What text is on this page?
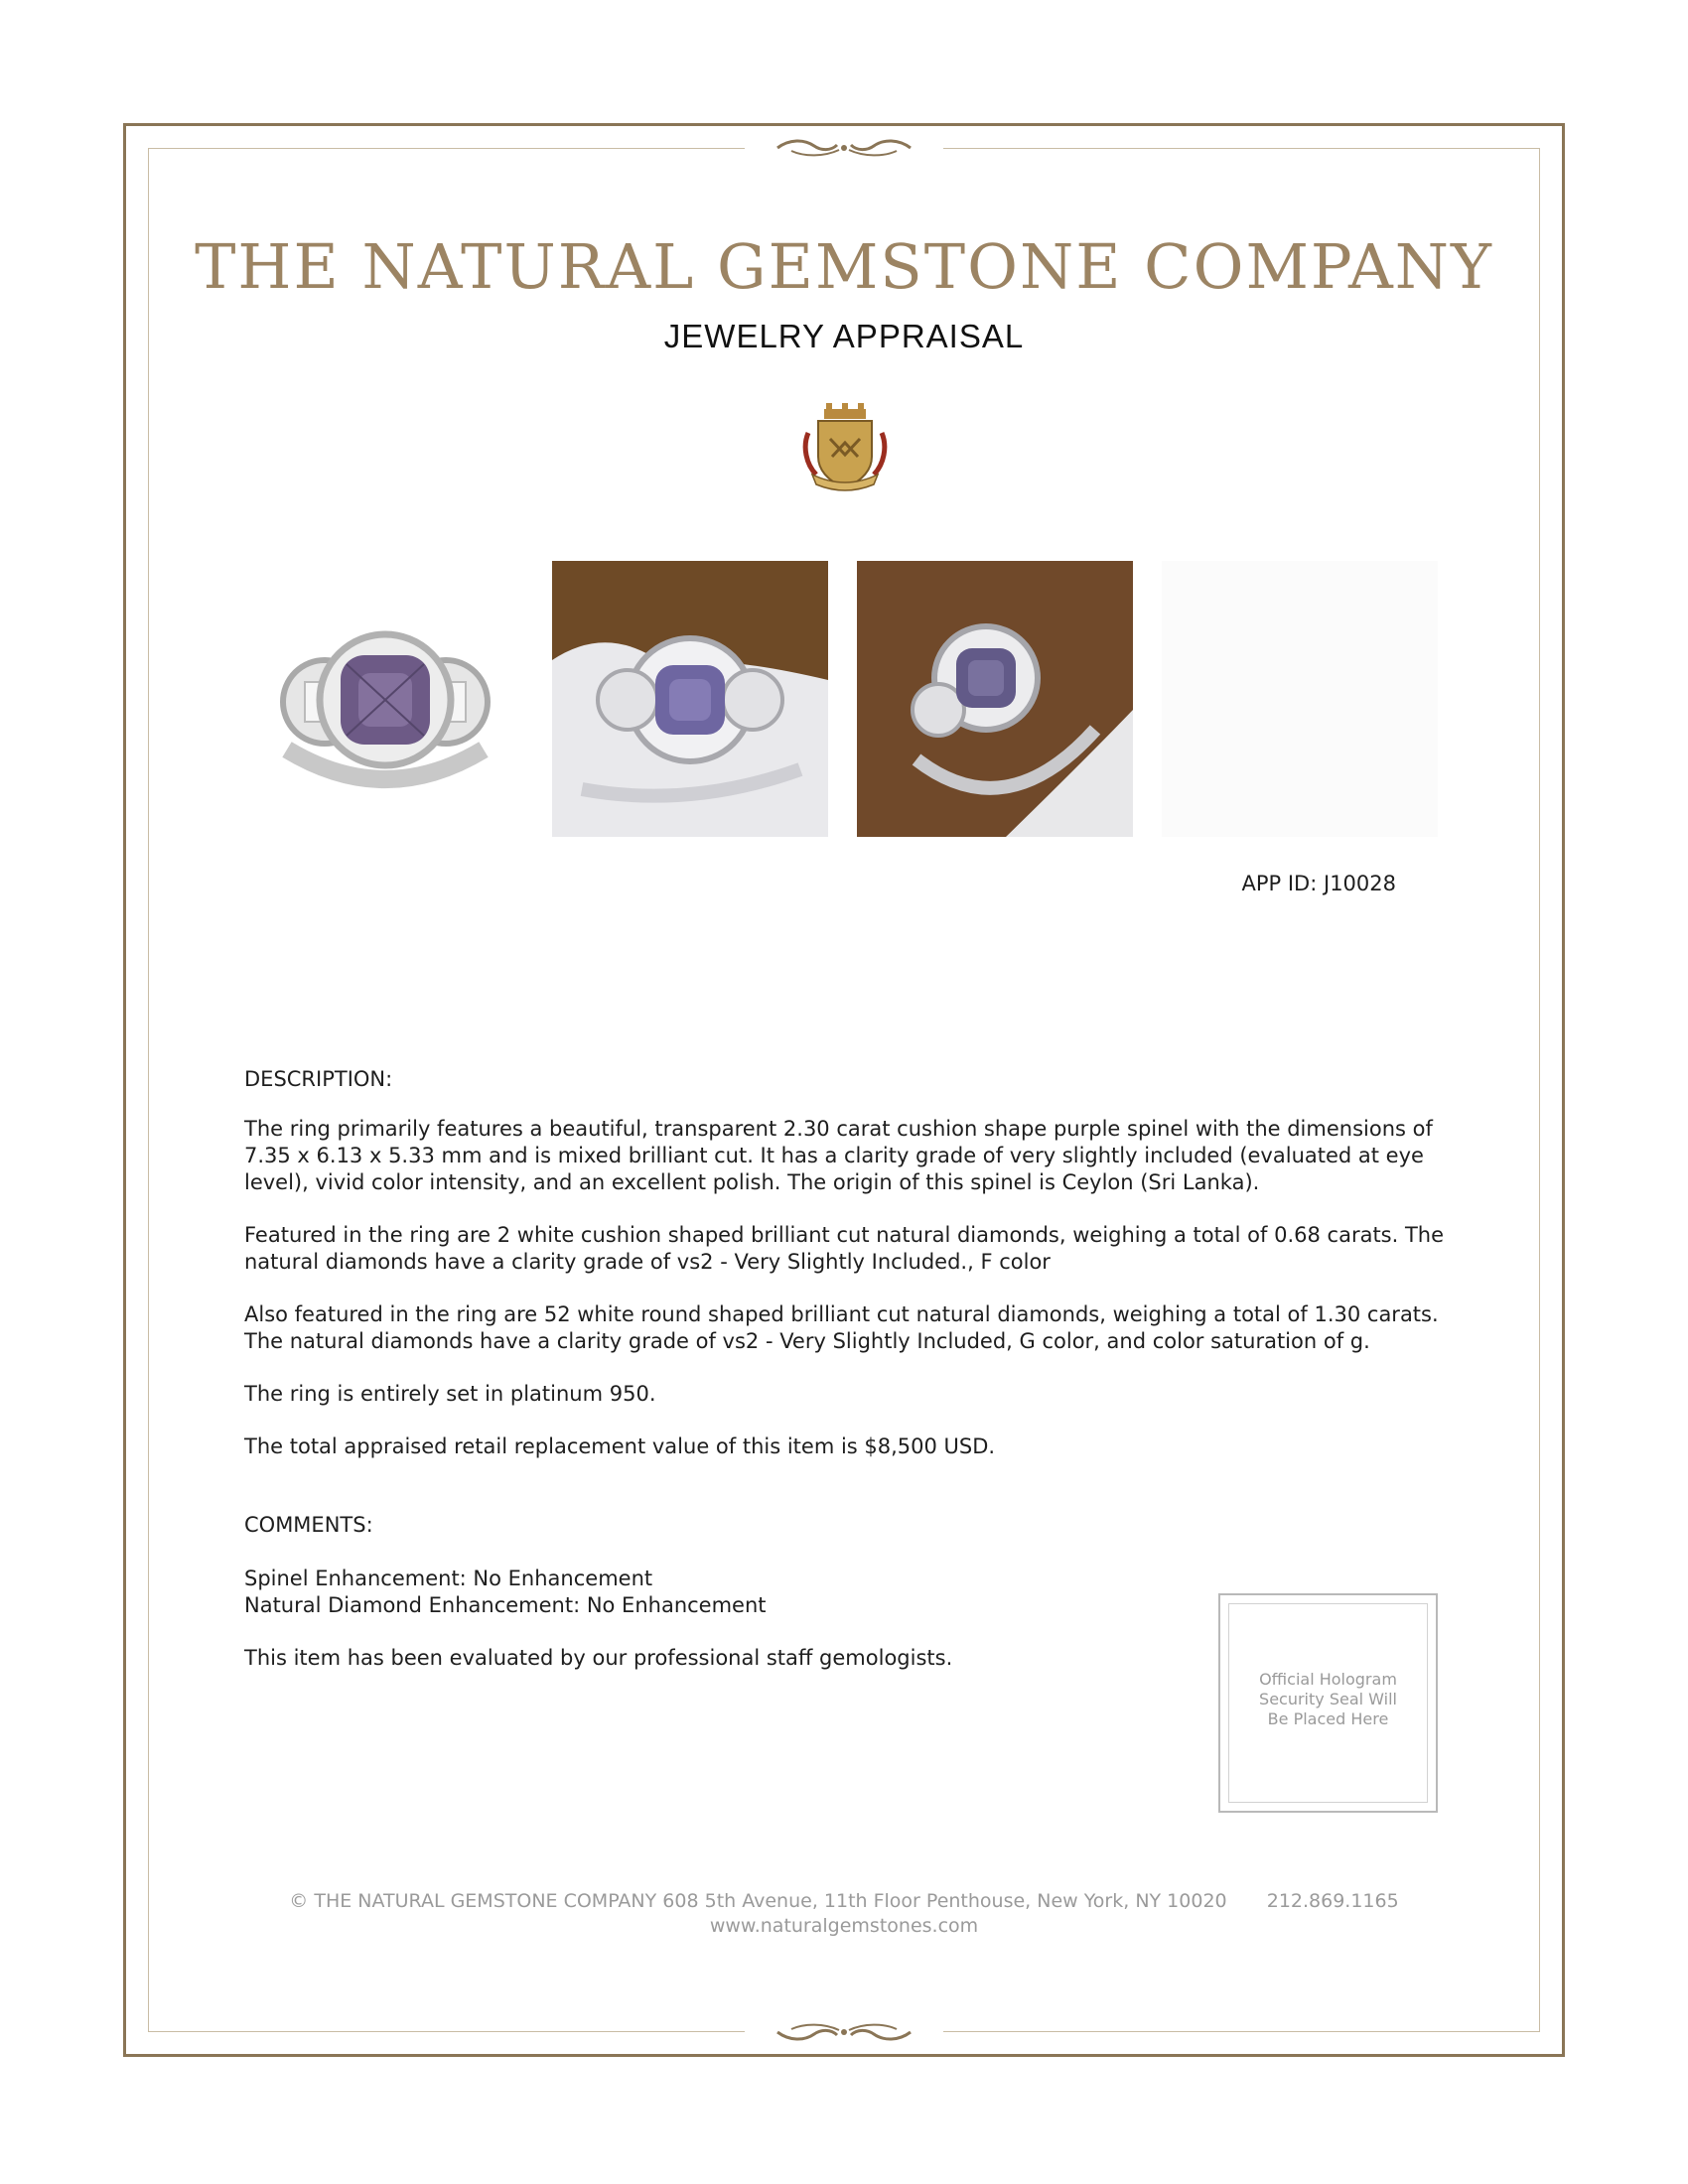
THE NATURAL GEMSTONE COMPANY
JEWELRY APPRAISAL
APP ID: J10028
DESCRIPTION:

The ring primarily features a beautiful, transparent 2.30 carat cushion shape purple spinel with the dimensions of 7.35 x 6.13 x 5.33 mm and is mixed brilliant cut. It has a clarity grade of very slightly included (evaluated at eye level), vivid color intensity, and an excellent polish. The origin of this spinel is Ceylon (Sri Lanka).

Featured in the ring are 2 white cushion shaped brilliant cut natural diamonds, weighing a total of 0.68 carats. The natural diamonds have a clarity grade of vs2 - Very Slightly Included., F color

Also featured in the ring are 52 white round shaped brilliant cut natural diamonds, weighing a total of 1.30 carats. The natural diamonds have a clarity grade of vs2 - Very Slightly Included, G color, and color saturation of g.

The ring is entirely set in platinum 950.

The total appraised retail replacement value of this item is $8,500 USD.

COMMENTS:

Spinel Enhancement: No Enhancement

Natural Diamond Enhancement: No Enhancement

This item has been evaluated by our professional staff gemologists.

Official Hologram
Security Seal Will
Be Placed Here
© THE NATURAL GEMSTONE COMPANY 608 5th Avenue, 11th Floor Penthouse, New York, NY 10020 212.869.1165
www.naturalgemstones.com
